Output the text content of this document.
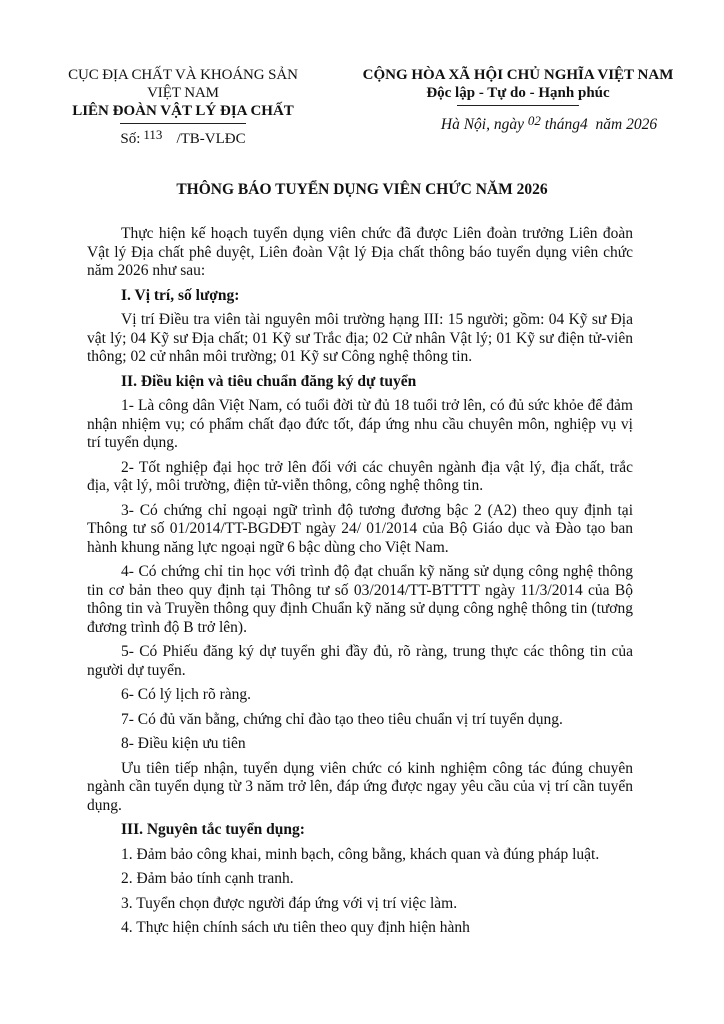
CỤC ĐỊA CHẤT VÀ KHOÁNG SẢN
VIỆT NAM
LIÊN ĐOÀN VẬT LÝ ĐỊA CHẤT
Số: 113 /TB-VLĐC
CỘNG HÒA XÃ HỘI CHỦ NGHĨA VIỆT NAM
Độc lập - Tự do - Hạnh phúc
Hà Nội, ngày $^{02}$ tháng4 năm 2026
THÔNG BÁO TUYỂN DỤNG VIÊN CHỨC NĂM 2026

Thực hiện kế hoạch tuyển dụng viên chức đã được Liên đoàn trưởng Liên đoàn Vật lý Địa chất phê duyệt, Liên đoàn Vật lý Địa chất thông báo tuyển dụng viên chức năm 2026 như sau:

I. Vị trí, số lượng:

Vị trí Điều tra viên tài nguyên môi trường hạng III: 15 người; gồm: 04 Kỹ sư Địa vật lý; 04 Kỹ sư Địa chất; 01 Kỹ sư Trắc địa; 02 Cử nhân Vật lý; 01 Kỹ sư điện tử-viên thông; 02 cử nhân môi trường; 01 Kỹ sư Công nghệ thông tin.

II. Điều kiện và tiêu chuẩn đăng ký dự tuyển

1- Là công dân Việt Nam, có tuổi đời từ đủ 18 tuổi trở lên, có đủ sức khỏe để đảm nhận nhiệm vụ; có phẩm chất đạo đức tốt, đáp ứng nhu cầu chuyên môn, nghiệp vụ vị trí tuyển dụng.

2- Tốt nghiệp đại học trở lên đối với các chuyên ngành địa vật lý, địa chất, trắc địa, vật lý, môi trường, điện tử-viễn thông, công nghệ thông tin.

3- Có chứng chỉ ngoại ngữ trình độ tương đương bậc 2 (A2) theo quy định tại Thông tư số 01/2014/TT-BGDĐT ngày 24/ 01/2014 của Bộ Giáo dục và Đào tạo ban hành khung năng lực ngoại ngữ 6 bậc dùng cho Việt Nam.

4- Có chứng chỉ tin học với trình độ đạt chuẩn kỹ năng sử dụng công nghệ thông tin cơ bản theo quy định tại Thông tư số 03/2014/TT-BTTTT ngày 11/3/2014 của Bộ thông tin và Truyền thông quy định Chuẩn kỹ năng sử dụng công nghệ thông tin (tương đương trình độ B trở lên).

5- Có Phiếu đăng ký dự tuyển ghi đầy đủ, rõ ràng, trung thực các thông tin của người dự tuyển.

6- Có lý lịch rõ ràng.

7- Có đủ văn bằng, chứng chỉ đào tạo theo tiêu chuẩn vị trí tuyển dụng.

8- Điều kiện ưu tiên

Ưu tiên tiếp nhận, tuyển dụng viên chức có kinh nghiệm công tác đúng chuyên ngành cần tuyển dụng từ 3 năm trở lên, đáp ứng được ngay yêu cầu của vị trí cần tuyển dụng.

III. Nguyên tắc tuyển dụng:
1. Đảm bảo công khai, minh bạch, công bằng, khách quan và đúng pháp luật.
2. Đảm bảo tính cạnh tranh.
3. Tuyển chọn được người đáp ứng với vị trí việc làm.
4. Thực hiện chính sách ưu tiên theo quy định hiện hành
